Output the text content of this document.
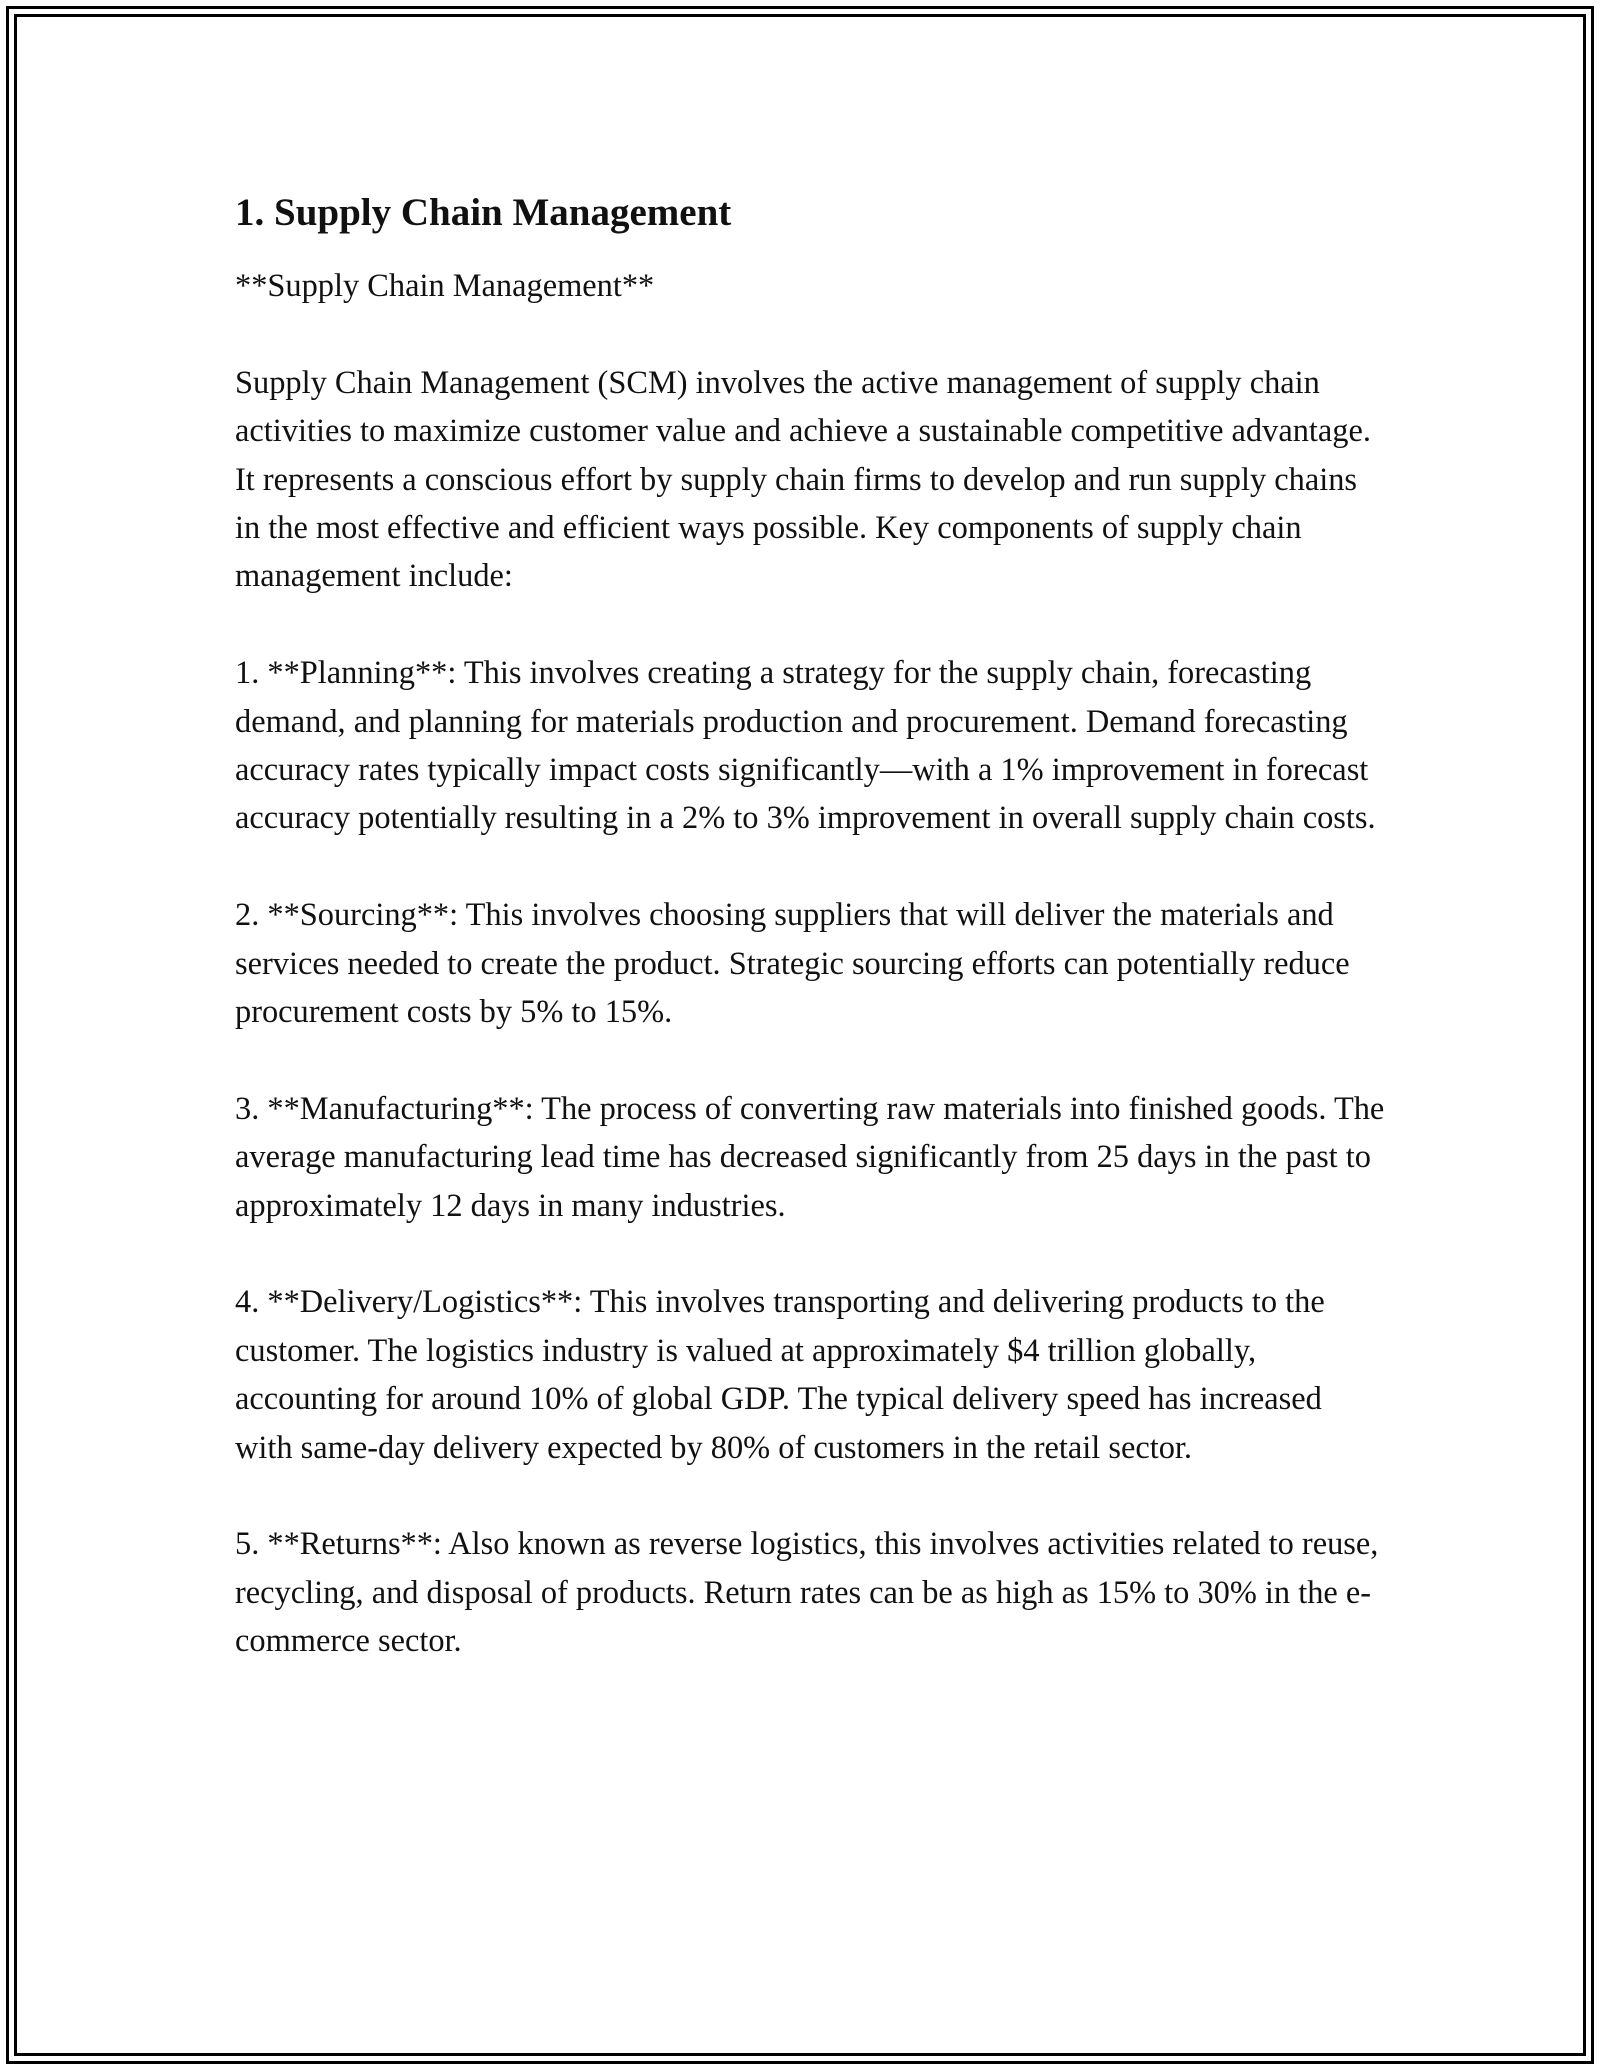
1. Supply Chain Management

**Supply Chain Management**

Supply Chain Management (SCM) involves the active management of supply chain activities to maximize customer value and achieve a sustainable competitive advantage. It represents a conscious effort by supply chain firms to develop and run supply chains in the most effective and efficient ways possible. Key components of supply chain management include:

1. **Planning**: This involves creating a strategy for the supply chain, forecasting demand, and planning for materials production and procurement. Demand forecasting accuracy rates typically impact costs significantly—with a 1% improvement in forecast accuracy potentially resulting in a 2% to 3% improvement in overall supply chain costs.

2. **Sourcing**: This involves choosing suppliers that will deliver the materials and services needed to create the product. Strategic sourcing efforts can potentially reduce procurement costs by 5% to 15%.

3. **Manufacturing**: The process of converting raw materials into finished goods. The average manufacturing lead time has decreased significantly from 25 days in the past to approximately 12 days in many industries.

4. **Delivery/Logistics**: This involves transporting and delivering products to the customer. The logistics industry is valued at approximately $4 trillion globally, accounting for around 10% of global GDP. The typical delivery speed has increased with same-day delivery expected by 80% of customers in the retail sector.

5. **Returns**: Also known as reverse logistics, this involves activities related to reuse, recycling, and disposal of products. Return rates can be as high as 15% to 30% in the e-commerce sector.
